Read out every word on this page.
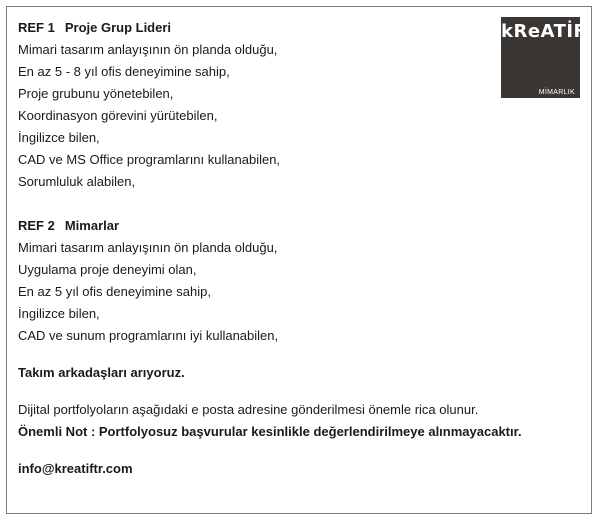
kReATİF
MİMARLIK
REF 1 Proje Grup Lideri
Mimari tasarım anlayışının ön planda olduğu,
En az 5 - 8 yıl ofis deneyimine sahip,
Proje grubunu yönetebilen,
Koordinasyon görevini yürütebilen,
İngilizce bilen,
CAD ve MS Office programlarını kullanabilen,
Sorumluluk alabilen,
REF 2 Mimarlar
Mimari tasarım anlayışının ön planda olduğu,
Uygulama proje deneyimi olan,
En az 5 yıl ofis deneyimine sahip,
İngilizce bilen,
CAD ve sunum programlarını iyi kullanabilen,
Takım arkadaşları arıyoruz.
Dijital portfolyoların aşağıdaki e posta adresine gönderilmesi önemle rica olunur.
Önemli Not : Portfolyosuz başvurular kesinlikle değerlendirilmeye alınmayacaktır.
info@kreatiftr.com
